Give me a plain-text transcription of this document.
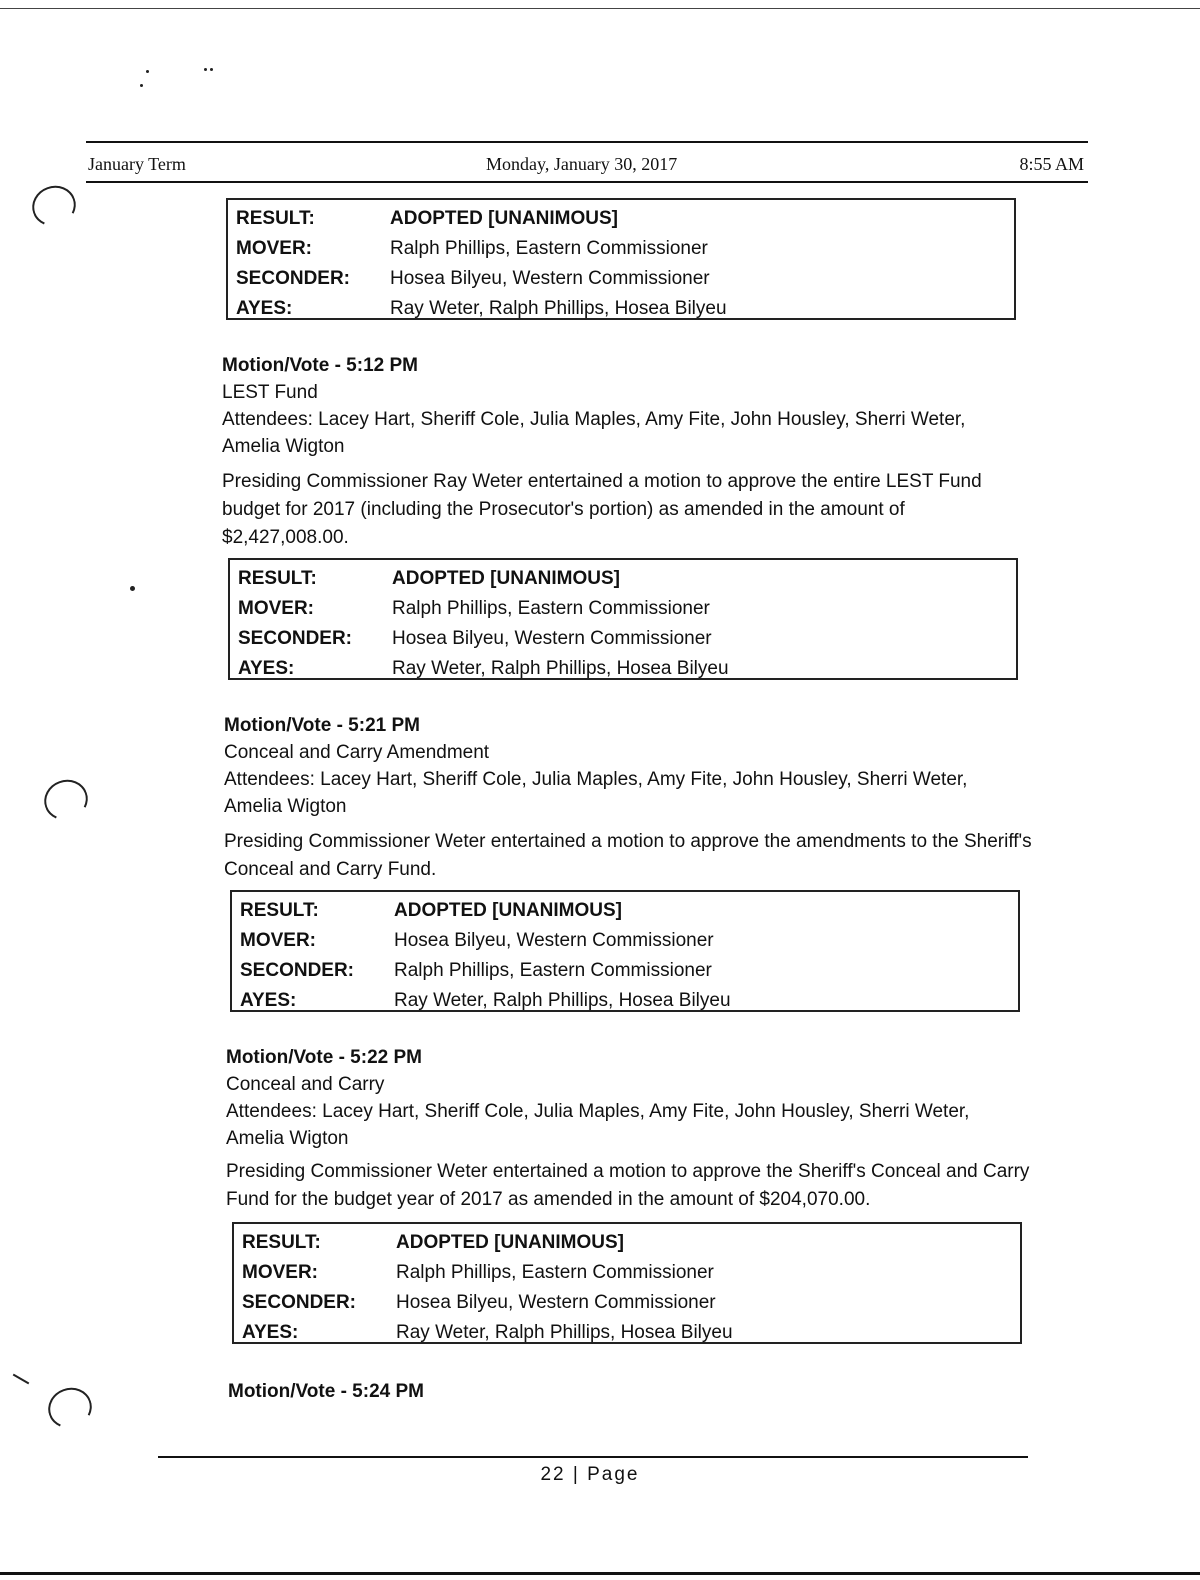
January Term	Monday, January 30, 2017	8:55 AM
RESULT:	ADOPTED [UNANIMOUS]
MOVER:	Ralph Phillips, Eastern Commissioner
SECONDER:	Hosea Bilyeu, Western Commissioner
AYES:	Ray Weter, Ralph Phillips, Hosea Bilyeu
Motion/Vote - 5:12 PM
LEST Fund
Attendees: Lacey Hart, Sheriff Cole, Julia Maples, Amy Fite, John Housley, Sherri Weter, Amelia Wigton
Presiding Commissioner Ray Weter entertained a motion to approve the entire LEST Fund budget for 2017 (including the Prosecutor's portion) as amended in the amount of $2,427,008.00.
RESULT:	ADOPTED [UNANIMOUS]
MOVER:	Ralph Phillips, Eastern Commissioner
SECONDER:	Hosea Bilyeu, Western Commissioner
AYES:	Ray Weter, Ralph Phillips, Hosea Bilyeu
Motion/Vote - 5:21 PM
Conceal and Carry Amendment
Attendees: Lacey Hart, Sheriff Cole, Julia Maples, Amy Fite, John Housley, Sherri Weter, Amelia Wigton
Presiding Commissioner Weter entertained a motion to approve the amendments to the Sheriff's Conceal and Carry Fund.
RESULT:	ADOPTED [UNANIMOUS]
MOVER:	Hosea Bilyeu, Western Commissioner
SECONDER:	Ralph Phillips, Eastern Commissioner
AYES:	Ray Weter, Ralph Phillips, Hosea Bilyeu
Motion/Vote - 5:22 PM
Conceal and Carry
Attendees: Lacey Hart, Sheriff Cole, Julia Maples, Amy Fite, John Housley, Sherri Weter, Amelia Wigton
Presiding Commissioner Weter entertained a motion to approve the Sheriff's Conceal and Carry Fund for the budget year of 2017 as amended in the amount of $204,070.00.
RESULT:	ADOPTED [UNANIMOUS]
MOVER:	Ralph Phillips, Eastern Commissioner
SECONDER:	Hosea Bilyeu, Western Commissioner
AYES:	Ray Weter, Ralph Phillips, Hosea Bilyeu
Motion/Vote - 5:24 PM
22 | Page
